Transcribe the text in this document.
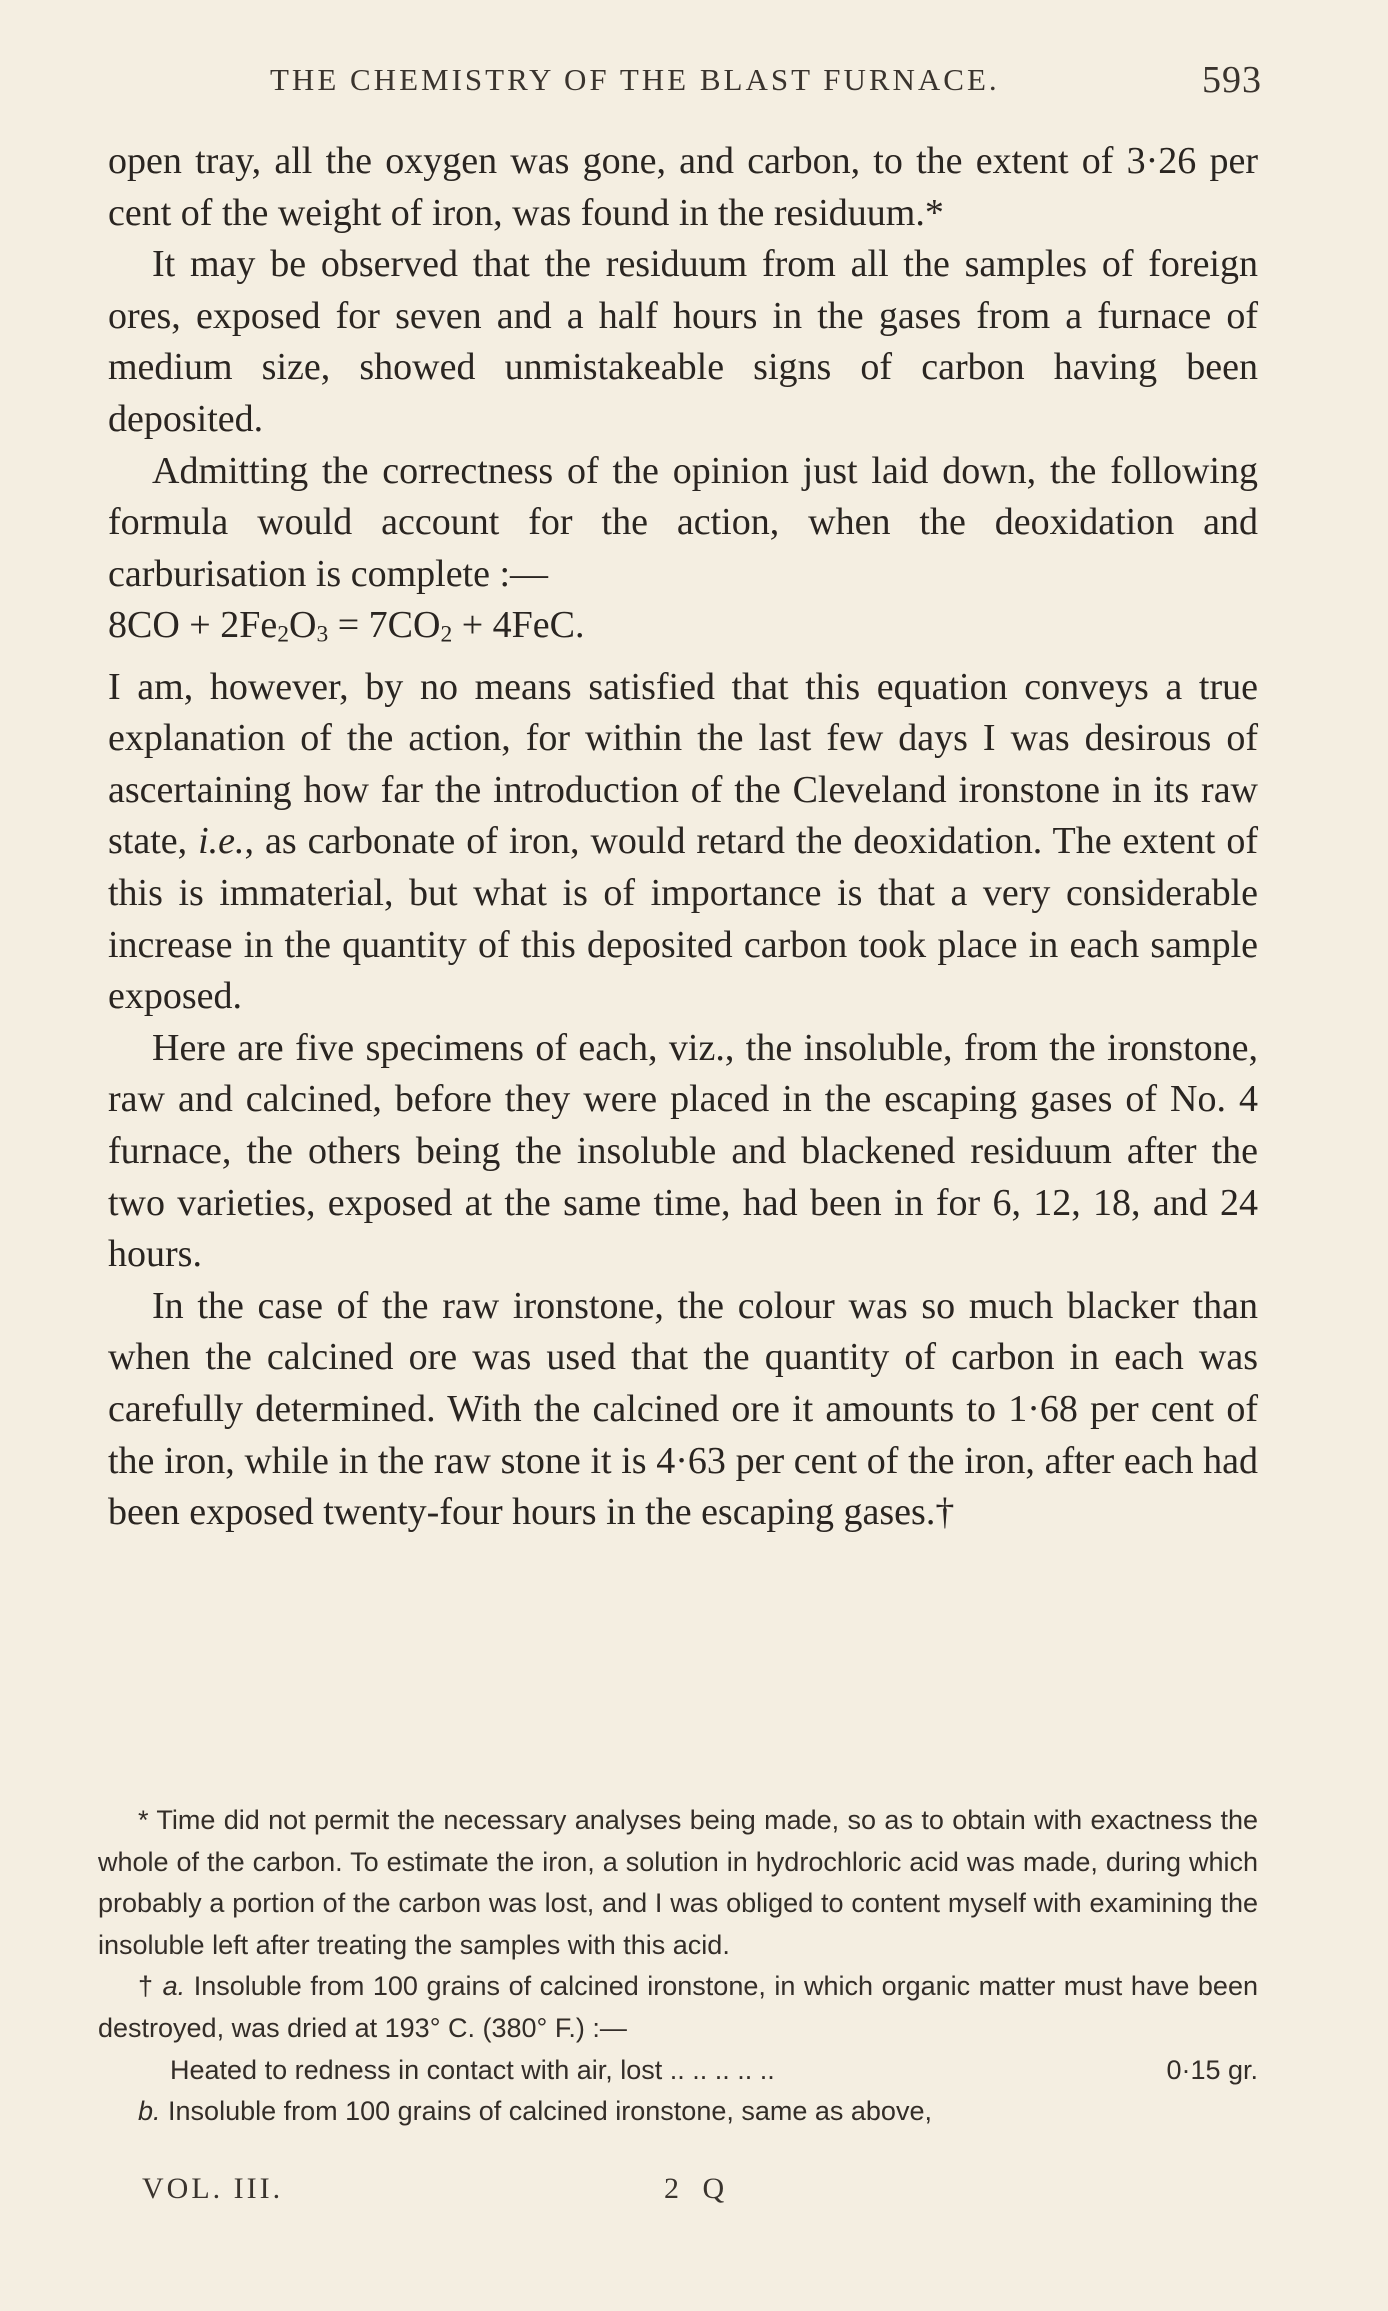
THE CHEMISTRY OF THE BLAST FURNACE.	593

open tray, all the oxygen was gone, and carbon, to the extent of 3·26 per cent of the weight of iron, was found in the residuum.*

It may be observed that the residuum from all the samples of foreign ores, exposed for seven and a half hours in the gases from a furnace of medium size, showed unmistakeable signs of carbon having been deposited.

Admitting the correctness of the opinion just laid down, the following formula would account for the action, when the deoxidation and carburisation is complete :—

$8CO + 2Fe_2O_3 = 7CO_2 + 4FeC$.

I am, however, by no means satisfied that this equation conveys a true explanation of the action, for within the last few days I was desirous of ascertaining how far the introduction of the Cleveland ironstone in its raw state, i.e., as carbonate of iron, would retard the deoxidation. The extent of this is immaterial, but what is of importance is that a very considerable increase in the quantity of this deposited carbon took place in each sample exposed.

Here are five specimens of each, viz., the insoluble, from the ironstone, raw and calcined, before they were placed in the escaping gases of No. 4 furnace, the others being the insoluble and blackened residuum after the two varieties, exposed at the same time, had been in for 6, 12, 18, and 24 hours.

In the case of the raw ironstone, the colour was so much blacker than when the calcined ore was used that the quantity of carbon in each was carefully determined. With the calcined ore it amounts to 1·68 per cent of the iron, while in the raw stone it is 4·63 per cent of the iron, after each had been exposed twenty-four hours in the escaping gases.†

* Time did not permit the necessary analyses being made, so as to obtain with exactness the whole of the carbon. To estimate the iron, a solution in hydrochloric acid was made, during which probably a portion of the carbon was lost, and I was obliged to content myself with examining the insoluble left after treating the samples with this acid.

† a. Insoluble from 100 grains of calcined ironstone, in which organic matter must have been destroyed, was dried at 193° C. (380° F.) :—

Heated to redness in contact with air, lost .. .. .. .. ..	0·15 gr.

b. Insoluble from 100 grains of calcined ironstone, same as above,

VOL. III.	2 Q
